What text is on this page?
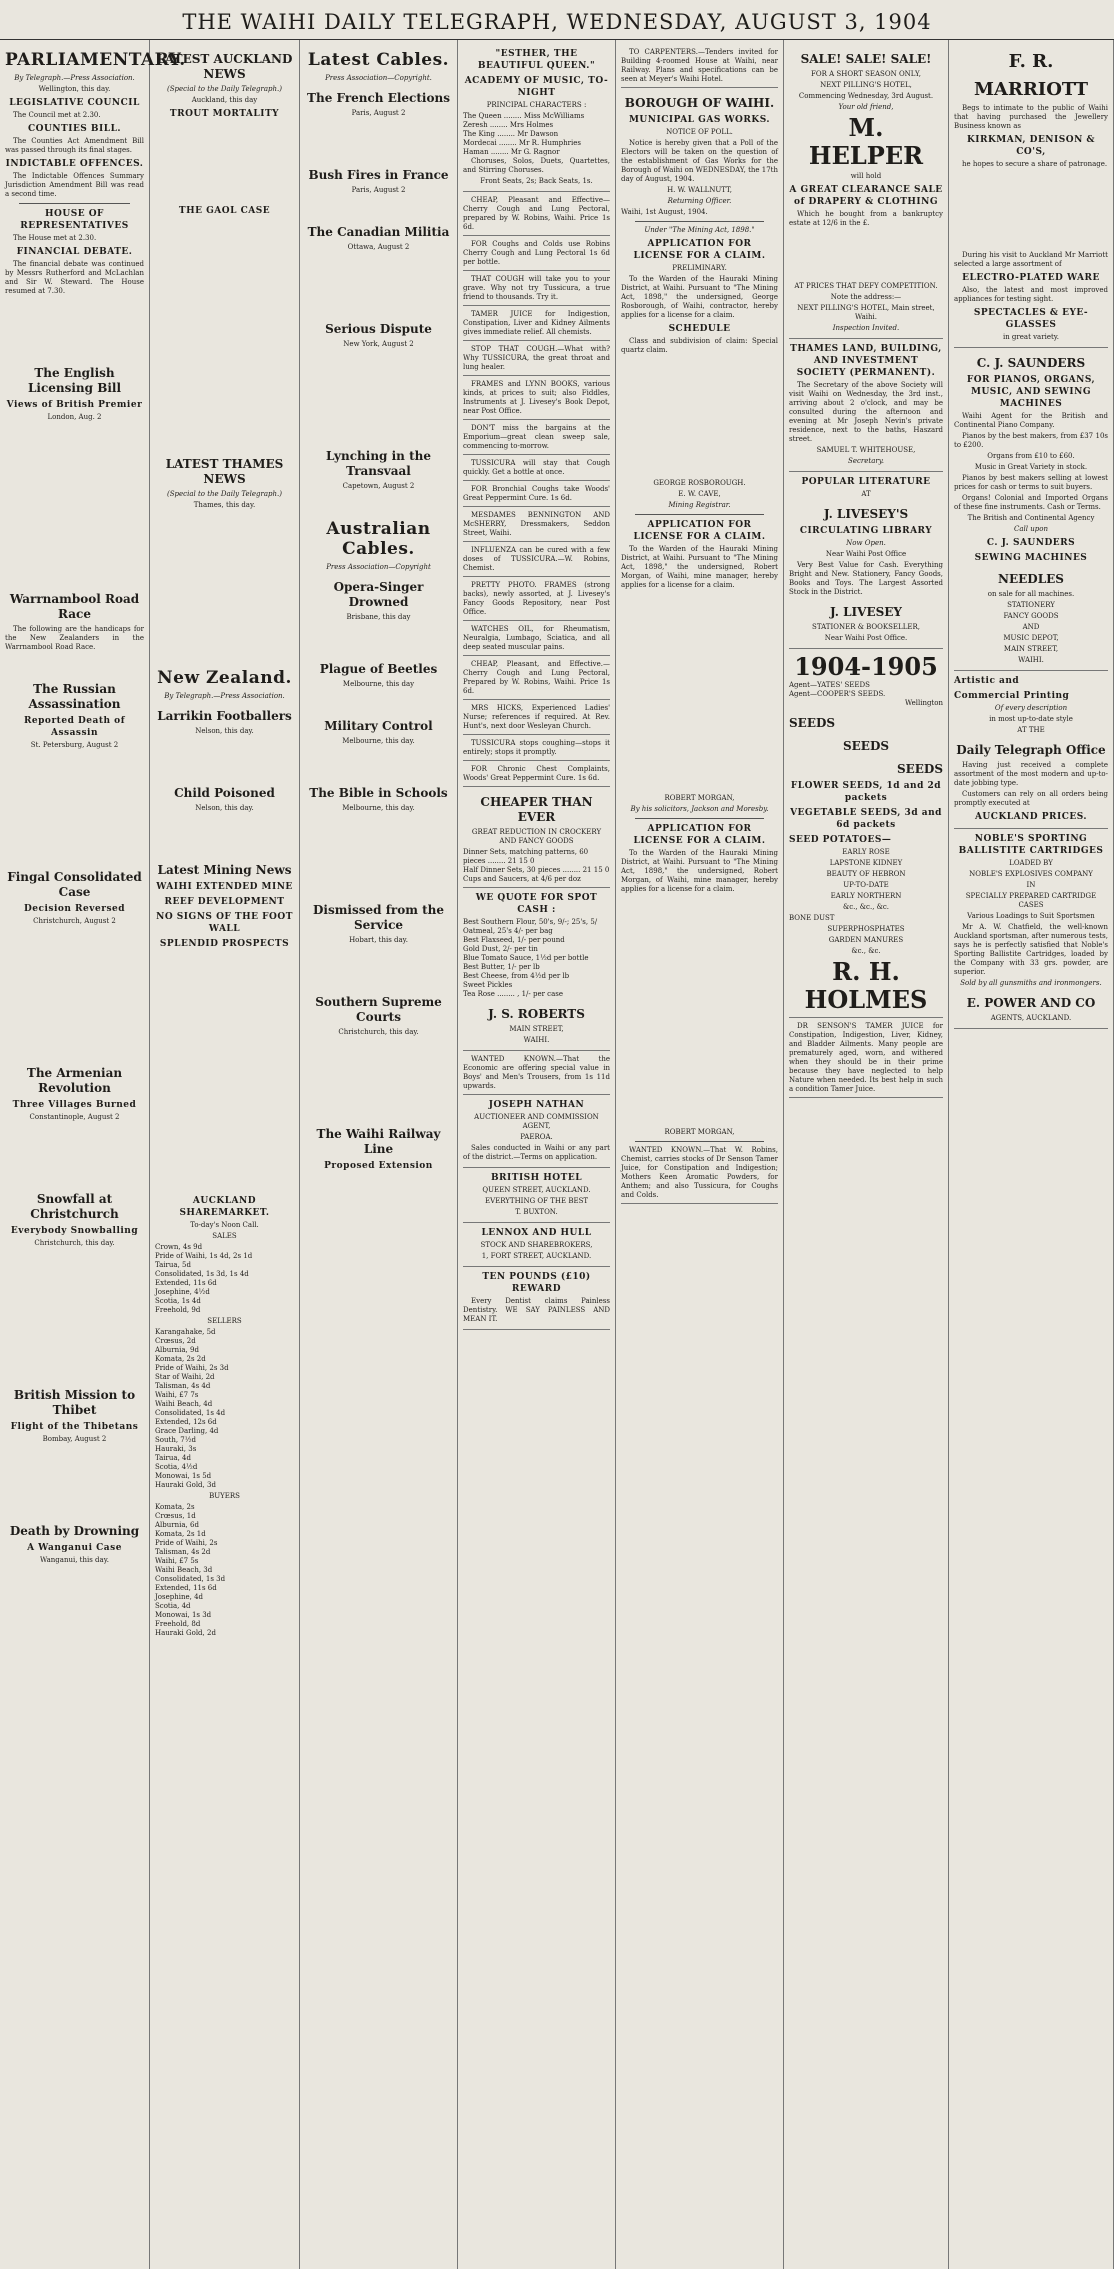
THE WAIHI DAILY TELEGRAPH, WEDNESDAY, AUGUST 3, 1904
PARLIAMENTARY.
By Telegraph.—Press Association.
Wellington, this day.
LEGISLATIVE COUNCIL
The Council met at 2.30.
COUNTIES BILL.
The Counties Act Amendment Bill was passed through its final stages.
INDICTABLE OFFENCES.
The Indictable Offences Summary Jurisdiction Amendment Bill was read a second time.
HOUSE OF REPRESENTATIVES
The House met at 2.30.
FINANCIAL DEBATE.
The financial debate was continued by Messrs Rutherford and McLachlan and Sir W. Steward. The House resumed at 7.30.
The English Licensing Bill
Views of British Premier
London, Aug. 2
Warrnambool Road Race
The following are the handicaps for the New Zealanders in the Warrnambool Road Race.
The Russian Assassination
Reported Death of Assassin
St. Petersburg, August 2
Fingal Consolidated Case
Decision Reversed
Christchurch, August 2
The Armenian Revolution
Three Villages Burned
Constantinople, August 2
Snowfall at Christchurch
Everybody Snowballing
Christchurch, this day.
British Mission to Thibet
Flight of the Thibetans
Bombay, August 2
Death by Drowning
A Wanganui Case
Wanganui, this day.
LATEST AUCKLAND NEWS
(Special to the Daily Telegraph.)
Auckland, this day
TROUT MORTALITY
THE GAOL CASE
LATEST THAMES NEWS
(Special to the Daily Telegraph.)
Thames, this day.
New Zealand.
By Telegraph.—Press Association.
Larrikin Footballers
Nelson, this day.
Child Poisoned
Nelson, this day.
Latest Mining News
WAIHI EXTENDED MINE
REEF DEVELOPMENT
NO SIGNS OF THE FOOT WALL
SPLENDID PROSPECTS
AUCKLAND SHAREMARKET.
To-day's Noon Call.
SALES
Crown, 4s 9d
Pride of Waihi, 1s 4d, 2s 1d
Tairua, 5d
Consolidated, 1s 3d, 1s 4d
Extended, 11s 6d
Josephine, 4½d
Scotia, 1s 4d
Freehold, 9d
SELLERS
Karangahake, 5d
Crœsus, 2d
Alburnia, 9d
Komata, 2s 2d
Pride of Waihi, 2s 3d
Star of Waihi, 2d
Talisman, 4s 4d
Waihi, £7 7s
Waihi Beach, 4d
Consolidated, 1s 4d
Extended, 12s 6d
Grace Darling, 4d
South, 7½d
Hauraki, 3s
Tairua, 4d
Scotia, 4½d
Monowai, 1s 5d
Hauraki Gold, 3d
BUYERS
Komata, 2s
Crœsus, 1d
Alburnia, 6d
Komata, 2s 1d
Pride of Waihi, 2s
Talisman, 4s 2d
Waihi, £7 5s
Waihi Beach, 3d
Consolidated, 1s 3d
Extended, 11s 6d
Josephine, 4d
Scotia, 4d
Monowai, 1s 3d
Freehold, 8d
Hauraki Gold, 2d
Latest Cables.
Press Association—Copyright.
The French Elections
Paris, August 2
Bush Fires in France
Paris, August 2
The Canadian Militia
Ottawa, August 2
Serious Dispute
New York, August 2
Lynching in the Transvaal
Capetown, August 2
Australian Cables.
Press Association—Copyright
Opera-Singer Drowned
Brisbane, this day
Plague of Beetles
Melbourne, this day
Military Control
Melbourne, this day.
The Bible in Schools
Melbourne, this day.
Dismissed from the Service
Hobart, this day.
Southern Supreme Courts
Christchurch, this day.
The Waihi Railway Line
Proposed Extension
"ESTHER, THE BEAUTIFUL QUEEN."
ACADEMY OF MUSIC, TO-NIGHT
PRINCIPAL CHARACTERS :
The Queen ........ Miss McWilliams
Zeresh ........ Mrs Holmes
The King ........ Mr Dawson
Mordecai ........ Mr R. Humphries
Haman ........ Mr G. Ragnor
Choruses, Solos, Duets, Quartettes, and Stirring Choruses.
Front Seats, 2s; Back Seats, 1s.
CHEAP, Pleasant and Effective—Cherry Cough and Lung Pectoral, prepared by W. Robins, Waihi. Price 1s 6d.
FOR Coughs and Colds use Robins Cherry Cough and Lung Pectoral 1s 6d per bottle.
THAT COUGH will take you to your grave. Why not try Tussicura, a true friend to thousands. Try it.
TAMER JUICE for Indigestion, Constipation, Liver and Kidney Ailments gives immediate relief. All chemists.
STOP THAT COUGH.—What with? Why TUSSICURA, the great throat and lung healer.
FRAMES and LYNN BOOKS, various kinds, at prices to suit; also Fiddles, Instruments at J. Livesey's Book Depot, near Post Office.
DON'T miss the bargains at the Emporium—great clean sweep sale, commencing to-morrow.
TUSSICURA will stay that Cough quickly. Get a bottle at once.
FOR Bronchial Coughs take Woods' Great Peppermint Cure. 1s 6d.
MESDAMES BENNINGTON AND McSHERRY, Dressmakers, Seddon Street, Waihi.
INFLUENZA can be cured with a few doses of TUSSICURA.—W. Robins, Chemist.
PRETTY PHOTO. FRAMES (strong backs), newly assorted, at J. Livesey's Fancy Goods Repository, near Post Office.
WATCHES OIL, for Rheumatism, Neuralgia, Lumbago, Sciatica, and all deep seated muscular pains.
CHEAP, Pleasant, and Effective.—Cherry Cough and Lung Pectoral, Prepared by W. Robins, Waihi. Price 1s 6d.
MRS HICKS, Experienced Ladies' Nurse; references if required. At Rev. Hunt's, next door Wesleyan Church.
TUSSICURA stops coughing—stops it entirely; stops it promptly.
FOR Chronic Chest Complaints, Woods' Great Peppermint Cure. 1s 6d.
CHEAPER THAN EVER
GREAT REDUCTION IN CROCKERY AND FANCY GOODS
Dinner Sets, matching patterns, 60 pieces ........ 21 15 0
Half Dinner Sets, 30 pieces ........ 21 15 0
Cups and Saucers, at 4/6 per doz
WE QUOTE FOR SPOT CASH :
Best Southern Flour, 50's, 9/-; 25's, 5/
Oatmeal, 25's 4/- per bag
Best Flaxseed, 1/- per pound
Gold Dust, 2/- per tin
Blue Tomato Sauce, 1½d per bottle
Best Butter, 1/- per lb
Best Cheese, from 4½d per lb
Sweet Pickles
Tea Rose ........ , 1/- per case
J. S. ROBERTS
MAIN STREET,
WAIHI.
WANTED KNOWN.—That the Economic are offering special value in Boys' and Men's Trousers, from 1s 11d upwards.
JOSEPH NATHAN
AUCTIONEER AND COMMISSION AGENT,
PAEROA.
Sales conducted in Waihi or any part of the district.—Terms on application.
BRITISH HOTEL
QUEEN STREET, AUCKLAND.
EVERYTHING OF THE BEST
T. BUXTON.
LENNOX AND HULL
STOCK AND SHAREBROKERS,
1, FORT STREET, AUCKLAND.
TEN POUNDS (£10) REWARD
Every Dentist claims Painless Dentistry. WE SAY PAINLESS AND MEAN IT.
TO CARPENTERS.—Tenders invited for Building 4-roomed House at Waihi, near Railway. Plans and specifications can be seen at Meyer's Waihi Hotel.
BOROUGH OF WAIHI.
MUNICIPAL GAS WORKS.
NOTICE OF POLL.
Notice is hereby given that a Poll of the Electors will be taken on the question of the establishment of Gas Works for the Borough of Waihi on WEDNESDAY, the 17th day of August, 1904.
H. W. WALLNUTT,
Returning Officer.
Waihi, 1st August, 1904.
Under "The Mining Act, 1898."
APPLICATION FOR LICENSE FOR A CLAIM.
PRELIMINARY.
To the Warden of the Hauraki Mining District, at Waihi. Pursuant to "The Mining Act, 1898," the undersigned, George Rosborough, of Waihi, contractor, hereby applies for a license for a claim.
SCHEDULE
Class and subdivision of claim: Special quartz claim.
GEORGE ROSBOROUGH.
E. W. CAVE,
Mining Registrar.
APPLICATION FOR LICENSE FOR A CLAIM.
To the Warden of the Hauraki Mining District, at Waihi. Pursuant to "The Mining Act, 1898," the undersigned, Robert Morgan, of Waihi, mine manager, hereby applies for a license for a claim.
ROBERT MORGAN,
By his solicitors, Jackson and Moresby.
APPLICATION FOR LICENSE FOR A CLAIM.
To the Warden of the Hauraki Mining District, at Waihi. Pursuant to "The Mining Act, 1898," the undersigned, Robert Morgan, of Waihi, mine manager, hereby applies for a license for a claim.
ROBERT MORGAN,
WANTED KNOWN.—That W. Robins, Chemist, carries stocks of Dr Senson Tamer Juice, for Constipation and Indigestion; Mothers Keen Aromatic Powders, for Anthem; and also Tussicura, for Coughs and Colds.
SALE! SALE! SALE!
FOR A SHORT SEASON ONLY,
NEXT PILLING'S HOTEL,
Commencing Wednesday, 3rd August.
Your old friend,
M. HELPER
will hold
A GREAT CLEARANCE SALE of DRAPERY & CLOTHING
Which he bought from a bankruptcy estate at 12/6 in the £.
AT PRICES THAT DEFY COMPETITION.
Note the address:—
NEXT PILLING'S HOTEL, Main street, Waihi.
Inspection Invited.
THAMES LAND, BUILDING, AND INVESTMENT SOCIETY (PERMANENT).
The Secretary of the above Society will visit Waihi on Wednesday, the 3rd inst., arriving about 2 o'clock, and may be consulted during the afternoon and evening at Mr Joseph Nevin's private residence, next to the baths, Haszard street.
SAMUEL T. WHITEHOUSE,
Secretary.
POPULAR LITERATURE
AT
J. LIVESEY'S
CIRCULATING LIBRARY
Now Open.
Near Waihi Post Office
Very Best Value for Cash. Everything Bright and New. Stationery, Fancy Goods, Books and Toys. The Largest Assorted Stock in the District.
J. LIVESEY
STATIONER & BOOKSELLER,
Near Waihi Post Office.
1904-1905
Agent—YATES' SEEDS
Agent—COOPER'S SEEDS.
Wellington
SEEDS
SEEDS
SEEDS
FLOWER SEEDS, 1d and 2d packets
VEGETABLE SEEDS, 3d and 6d packets
SEED POTATOES—
EARLY ROSE
LAPSTONE KIDNEY
BEAUTY OF HEBRON
UP-TO-DATE
EARLY NORTHERN
&c., &c., &c.
BONE DUST
SUPERPHOSPHATES
GARDEN MANURES
&c., &c.
R. H. HOLMES
DR SENSON'S TAMER JUICE for Constipation, Indigestion, Liver, Kidney, and Bladder Ailments. Many people are prematurely aged, worn, and withered when they should be in their prime because they have neglected to help Nature when needed. Its best help in such a condition Tamer Juice.
F. R. MARRIOTT
Begs to intimate to the public of Waihi that having purchased the Jewellery Business known as
KIRKMAN, DENISON & CO'S,
he hopes to secure a share of patronage.
During his visit to Auckland Mr Marriott selected a large assortment of
ELECTRO-PLATED WARE
Also, the latest and most improved appliances for testing sight.
SPECTACLES & EYE-GLASSES
in great variety.
C. J. SAUNDERS
FOR PIANOS, ORGANS, MUSIC, AND SEWING MACHINES
Waihi Agent for the British and Continental Piano Company.
Pianos by the best makers, from £37 10s to £200.
Organs from £10 to £60.
Music in Great Variety in stock.
Pianos by best makers selling at lowest prices for cash or terms to suit buyers.
Organs! Colonial and Imported Organs of these fine instruments. Cash or Terms.
The British and Continental Agency
Call upon
C. J. SAUNDERS
SEWING MACHINES
NEEDLES
on sale for all machines.
STATIONERY
FANCY GOODS
AND
MUSIC DEPOT,
MAIN STREET,
WAIHI.
Artistic and
Commercial Printing
Of every description
in most up-to-date style
AT THE
Daily Telegraph Office
Having just received a complete assortment of the most modern and up-to-date jobbing type.
Customers can rely on all orders being promptly executed at
AUCKLAND PRICES.
NOBLE'S SPORTING BALLISTITE CARTRIDGES
LOADED BY
NOBLE'S EXPLOSIVES COMPANY
IN
SPECIALLY PREPARED CARTRIDGE CASES
Various Loadings to Suit Sportsmen
Mr A. W. Chatfield, the well-known Auckland sportsman, after numerous tests, says he is perfectly satisfied that Noble's Sporting Ballistite Cartridges, loaded by the Company with 33 grs. powder, are superior.
Sold by all gunsmiths and ironmongers.
E. POWER AND CO
AGENTS, AUCKLAND.
